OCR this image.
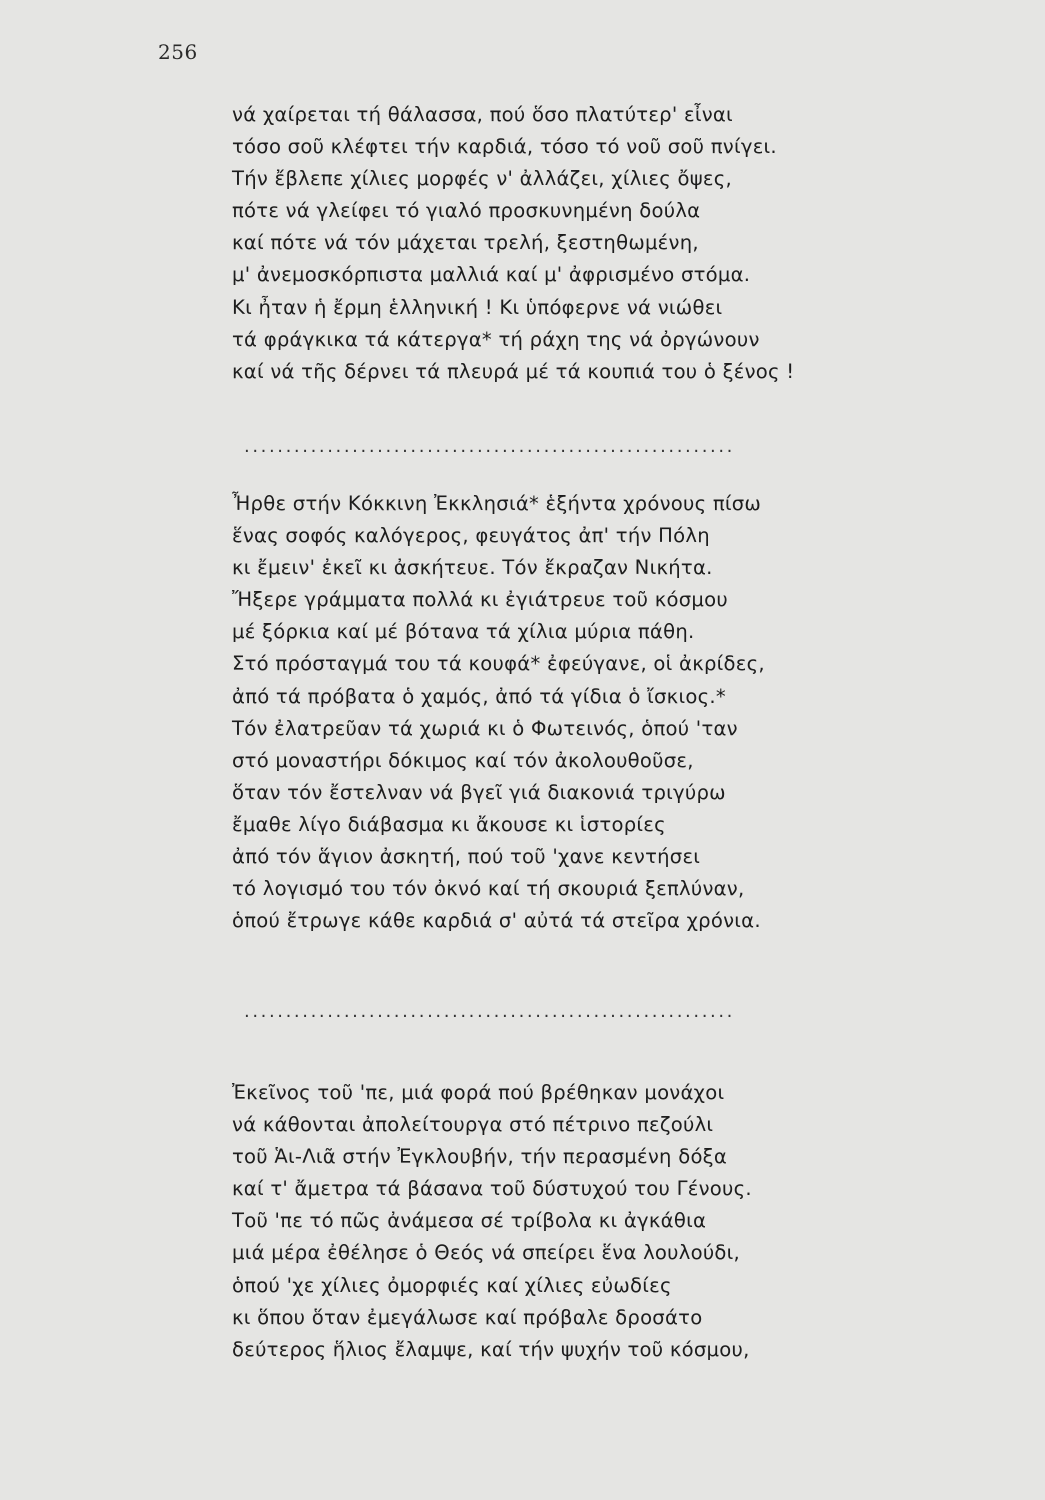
256
νά χαίρεται τή θάλασσα, πού ὅσο πλατύτερ' εἶναι
τόσο σοῦ κλέφτει τήν καρδιά, τόσο τό νοῦ σοῦ πνίγει.
Τήν ἔβλεπε χίλιες μορφές ν' ἀλλάζει, χίλιες ὄψες,
πότε νά γλείφει τό γιαλό προσκυνημένη δούλα
καί πότε νά τόν μάχεται τρελή, ξεστηθωμένη,
μ' ἀνεμοσκόρπιστα μαλλιά καί μ' ἀφρισμένο στόμα.
Κι ἦταν ἡ ἔρμη ἑλληνική ! Κι ὑπόφερνε νά νιώθει
τά φράγκικα τά κάτεργα* τή ράχη της νά ὀργώνουν
καί νά τῆς δέρνει τά πλευρά μέ τά κουπιά του ὁ ξένος !
...........................................................
Ἦρθε στήν Κόκκινη Ἐκκλησιά* ἑξήντα χρόνους πίσω
ἕνας σοφός καλόγερος, φευγάτος ἀπ' τήν Πόλη
κι ἔμειν' ἐκεῖ κι ἀσκήτευε. Τόν ἔκραζαν Νικήτα.
Ἤξερε γράμματα πολλά κι ἐγιάτρευε τοῦ κόσμου
μέ ξόρκια καί μέ βότανα τά χίλια μύρια πάθη.
Στό πρόσταγμά του τά κουφά* ἐφεύγανε, οἱ ἀκρίδες,
ἀπό τά πρόβατα ὁ χαμός, ἀπό τά γίδια ὁ ἴσκιος.*
Τόν ἐλατρεῦαν τά χωριά κι ὁ Φωτεινός, ὁπού 'ταν
στό μοναστήρι δόκιμος καί τόν ἀκολουθοῦσε,
ὅταν τόν ἔστελναν νά βγεῖ γιά διακονιά τριγύρω
ἔμαθε λίγο διάβασμα κι ἄκουσε κι ἱστορίες
ἀπό τόν ἅγιον ἀσκητή, πού τοῦ 'χανε κεντήσει
τό λογισμό του τόν ὀκνό καί τή σκουριά ξεπλύναν,
ὁπού ἔτρωγε κάθε καρδιά σ' αὐτά τά στεῖρα χρόνια.
...........................................................
Ἐκεῖνος τοῦ 'πε, μιά φορά πού βρέθηκαν μονάχοι
νά κάθονται ἀπολείτουργα στό πέτρινο πεζούλι
τοῦ Ἁι-Λιᾶ στήν Ἐγκλουβήν, τήν περασμένη δόξα
καί τ' ἄμετρα τά βάσανα τοῦ δύστυχού του Γένους.
Τοῦ 'πε τό πῶς ἀνάμεσα σέ τρίβολα κι ἀγκάθια
μιά μέρα ἐθέλησε ὁ Θεός νά σπείρει ἕνα λουλούδι,
ὁπού 'χε χίλιες ὀμορφιές καί χίλιες εὐωδίες
κι ὅπου ὅταν ἐμεγάλωσε καί πρόβαλε δροσάτο
δεύτερος ἥλιος ἔλαμψε, καί τήν ψυχήν τοῦ κόσμου,
